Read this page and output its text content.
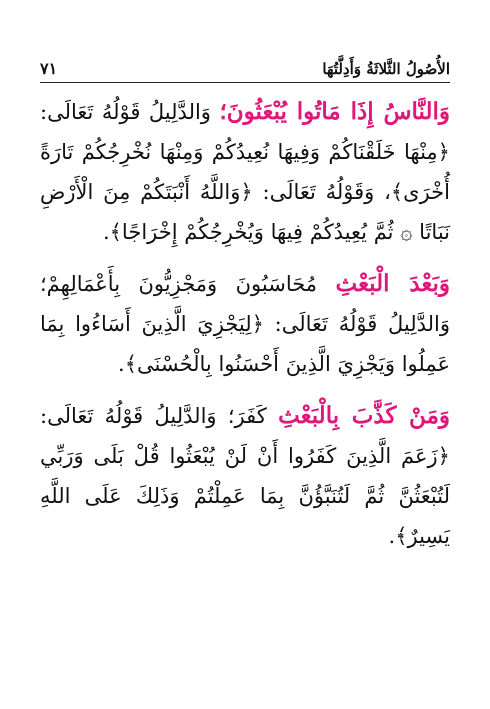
الأُصُولُ الثَّلاثَةُ وَأَدِلَّتُهَا
٧١

وَالنَّاسُ إِذَا مَاتُوا يُبْعَثُونَ؛ وَالدَّلِيلُ قَوْلُهُ تَعَالَى: ﴿مِنْهَا خَلَقْنَاكُمْ وَفِيهَا نُعِيدُكُمْ وَمِنْهَا نُخْرِجُكُمْ تَارَةً أُخْرَى﴾، وَقَوْلُهُ تَعَالَى: ﴿وَاللَّهُ أَنْبَتَكُمْ مِنَ الْأَرْضِ نَبَاتًا ۞ ثُمَّ يُعِيدُكُمْ فِيهَا وَيُخْرِجُكُمْ إِخْرَاجًا﴾.

وَبَعْدَ الْبَعْثِ مُحَاسَبُونَ وَمَجْزِيُّونَ بِأَعْمَالِهِمْ؛ وَالدَّلِيلُ قَوْلُهُ تَعَالَى: ﴿لِيَجْزِيَ الَّذِينَ أَسَاءُوا بِمَا عَمِلُوا وَيَجْزِيَ الَّذِينَ أَحْسَنُوا بِالْحُسْنَى﴾.

وَمَنْ كَذَّبَ بِالْبَعْثِ كَفَرَ؛ وَالدَّلِيلُ قَوْلُهُ تَعَالَى: ﴿زَعَمَ الَّذِينَ كَفَرُوا أَنْ لَنْ يُبْعَثُوا قُلْ بَلَى وَرَبِّي لَتُبْعَثُنَّ ثُمَّ لَتُنَبَّؤُنَّ بِمَا عَمِلْتُمْ وَذَلِكَ عَلَى اللَّهِ يَسِيرٌ﴾.
